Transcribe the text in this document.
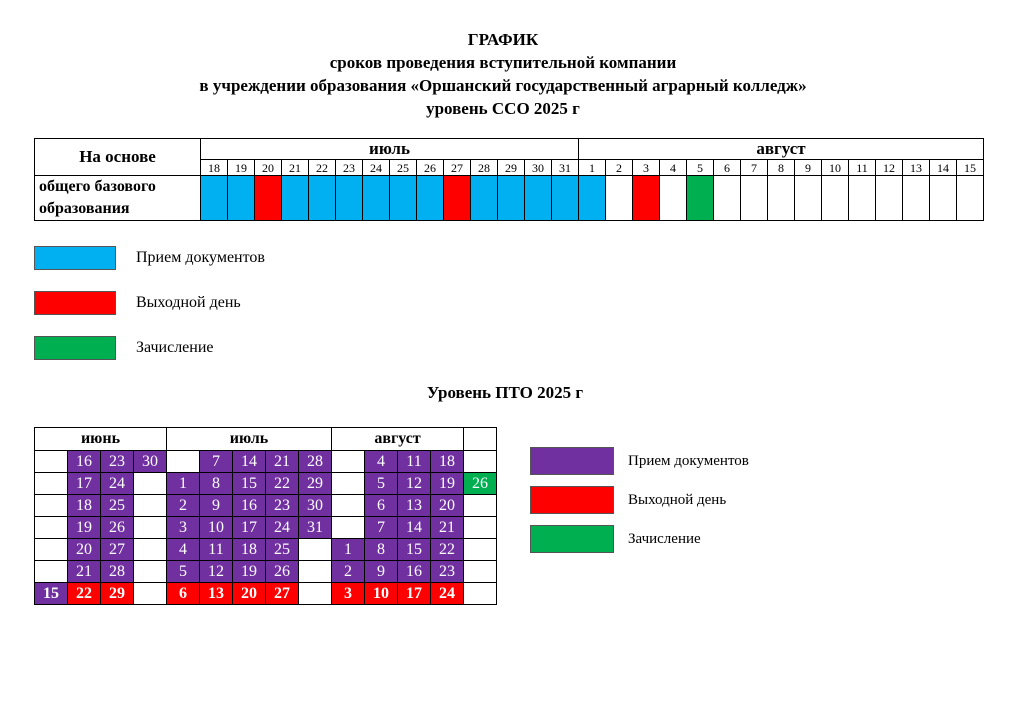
ГРАФИК
сроков проведения вступительной компании
в учреждении образования «Оршанский государственный аграрный колледж»
уровень ССО 2025 г
На основе	июль														август														
	18	19	20	21	22	23	24	25	26	27	28	29	30	31	1	2	3	4	5	6	7	8	9	10	11	12	13	14	15
общего базового образования																													
Прием документов
Выходной день
Зачисление
Уровень ПТО 2025 г
июнь				июль					август				
	16	23	30		7	14	21	28		4	11	18	
	17	24		1	8	15	22	29		5	12	19	26
	18	25		2	9	16	23	30		6	13	20	
	19	26		3	10	17	24	31		7	14	21	
	20	27		4	11	18	25		1	8	15	22	
	21	28		5	12	19	26		2	9	16	23	
15	22	29		6	13	20	27		3	10	17	24	
Прием документов
Выходной день
Зачисление
